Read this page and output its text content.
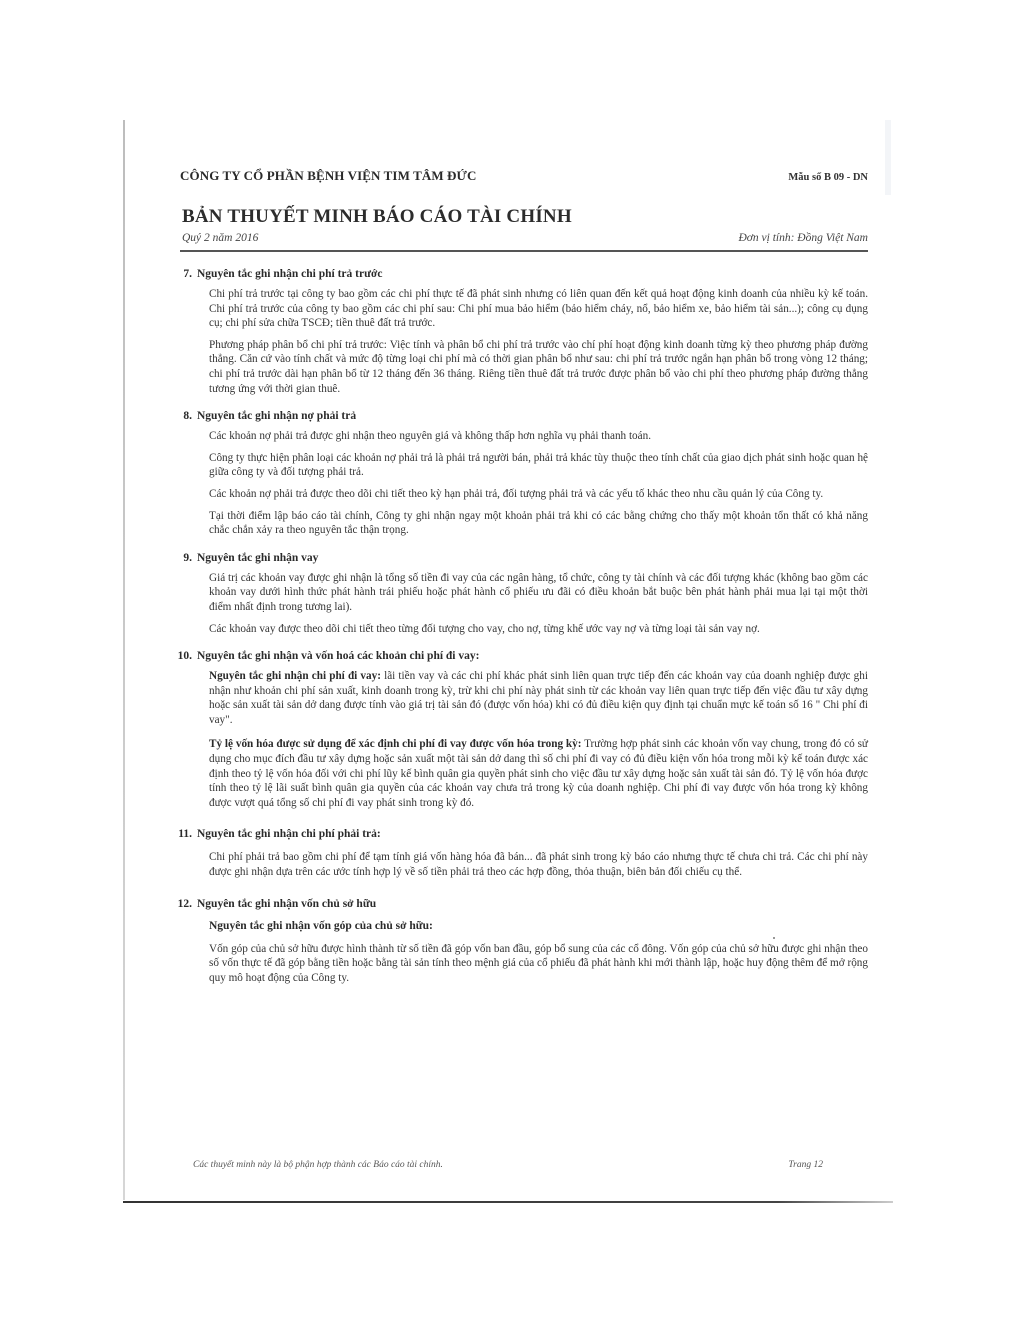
CÔNG TY CỔ PHẦN BỆNH VIỆN TIM TÂM ĐỨC	Mẫu số B 09 - DN
BẢN THUYẾT MINH BÁO CÁO TÀI CHÍNH
Quý 2 năm 2016	Đơn vị tính: Đồng Việt Nam
7. Nguyên tắc ghi nhận chi phí trả trước

Chi phí trả trước tại công ty bao gồm các chi phí thực tế đã phát sinh nhưng có liên quan đến kết quả hoạt động kinh doanh của nhiều kỳ kế toán. Chi phí trả trước của công ty bao gồm các chi phí sau: Chi phí mua bảo hiểm (bảo hiểm cháy, nổ, bảo hiểm xe, bảo hiểm tài sản...); công cụ dụng cụ; chi phí sửa chữa TSCĐ; tiền thuê đất trả trước.

Phương pháp phân bổ chi phí trả trước: Việc tính và phân bổ chi phí trả trước vào chí phí hoạt động kinh doanh từng kỳ theo phương pháp đường thẳng. Căn cứ vào tính chất và mức độ từng loại chi phí mà có thời gian phân bổ như sau: chi phí trả trước ngắn hạn phân bổ trong vòng 12 tháng; chi phí trả trước dài hạn phân bổ từ 12 tháng đến 36 tháng. Riêng tiền thuê đất trả trước được phân bổ vào chi phí theo phương pháp đường thẳng tương ứng với thời gian thuê.

8. Nguyên tắc ghi nhận nợ phải trả

Các khoản nợ phải trả được ghi nhận theo nguyên giá và không thấp hơn nghĩa vụ phải thanh toán.

Công ty thực hiện phân loại các khoản nợ phải trả là phải trả người bán, phải trả khác tùy thuộc theo tính chất của giao dịch phát sinh hoặc quan hệ giữa công ty và đối tượng phải trả.

Các khoản nợ phải trả được theo dõi chi tiết theo kỳ hạn phải trả, đối tượng phải trả và các yếu tố khác theo nhu cầu quản lý của Công ty.

Tại thời điểm lập báo cáo tài chính, Công ty ghi nhận ngay một khoản phải trả khi có các bằng chứng cho thấy một khoản tổn thất có khả năng chắc chắn xảy ra theo nguyên tắc thận trọng.

9. Nguyên tắc ghi nhận vay

Giá trị các khoản vay được ghi nhận là tổng số tiền đi vay của các ngân hàng, tổ chức, công ty tài chính và các đối tượng khác (không bao gồm các khoản vay dưới hình thức phát hành trái phiếu hoặc phát hành cổ phiếu ưu đãi có điều khoản bắt buộc bên phát hành phải mua lại tại một thời điểm nhất định trong tương lai).

Các khoản vay được theo dõi chi tiết theo từng đối tượng cho vay, cho nợ, từng khế ước vay nợ và từng loại tài sản vay nợ.

10. Nguyên tắc ghi nhận và vốn hoá các khoản chi phí đi vay:

Nguyên tắc ghi nhận chi phí đi vay: lãi tiền vay và các chi phí khác phát sinh liên quan trực tiếp đến các khoản vay của doanh nghiệp được ghi nhận như khoản chi phí sản xuất, kinh doanh trong kỳ, trừ khi chi phí này phát sinh từ các khoản vay liên quan trực tiếp đến việc đầu tư xây dựng hoặc sản xuất tài sản dở dang được tính vào giá trị tài sản đó (được vốn hóa) khi có đủ điều kiện quy định tại chuẩn mực kế toán số 16 " Chi phí đi vay".

Tỷ lệ vốn hóa được sử dụng để xác định chi phí đi vay được vốn hóa trong kỳ: Trường hợp phát sinh các khoản vốn vay chung, trong đó có sử dụng cho mục đích đầu tư xây dựng hoặc sản xuất một tài sản dở dang thì số chi phí đi vay có đủ điều kiện vốn hóa trong mỗi kỳ kế toán được xác định theo tỷ lệ vốn hóa đối với chi phí lũy kế bình quân gia quyền phát sinh cho việc đầu tư xây dựng hoặc sản xuất tài sản đó. Tỷ lệ vốn hóa được tính theo tỷ lệ lãi suất bình quân gia quyền của các khoản vay chưa trả trong kỳ của doanh nghiệp. Chi phí đi vay được vốn hóa trong kỳ không được vượt quá tổng số chi phí đi vay phát sinh trong kỳ đó.

11. Nguyên tắc ghi nhận chi phí phải trả:

Chi phí phải trả bao gồm chi phí để tạm tính giá vốn hàng hóa đã bán... đã phát sinh trong kỳ báo cáo nhưng thực tế chưa chi trả. Các chi phí này được ghi nhận dựa trên các ước tính hợp lý về số tiền phải trả theo các hợp đồng, thỏa thuận, biên bản đối chiếu cụ thể.

12. Nguyên tắc ghi nhận vốn chủ sở hữu
Nguyên tắc ghi nhận vốn góp của chủ sở hữu:

Vốn góp của chủ sở hữu được hình thành từ số tiền đã góp vốn ban đầu, góp bổ sung của các cổ đông. Vốn góp của chủ sở hữu được ghi nhận theo số vốn thực tế đã góp bằng tiền hoặc bằng tài sản tính theo mệnh giá của cổ phiếu đã phát hành khi mới thành lập, hoặc huy động thêm để mở rộng quy mô hoạt động của Công ty.

Các thuyết minh này là bộ phận hợp thành các Báo cáo tài chính.	Trang 12
